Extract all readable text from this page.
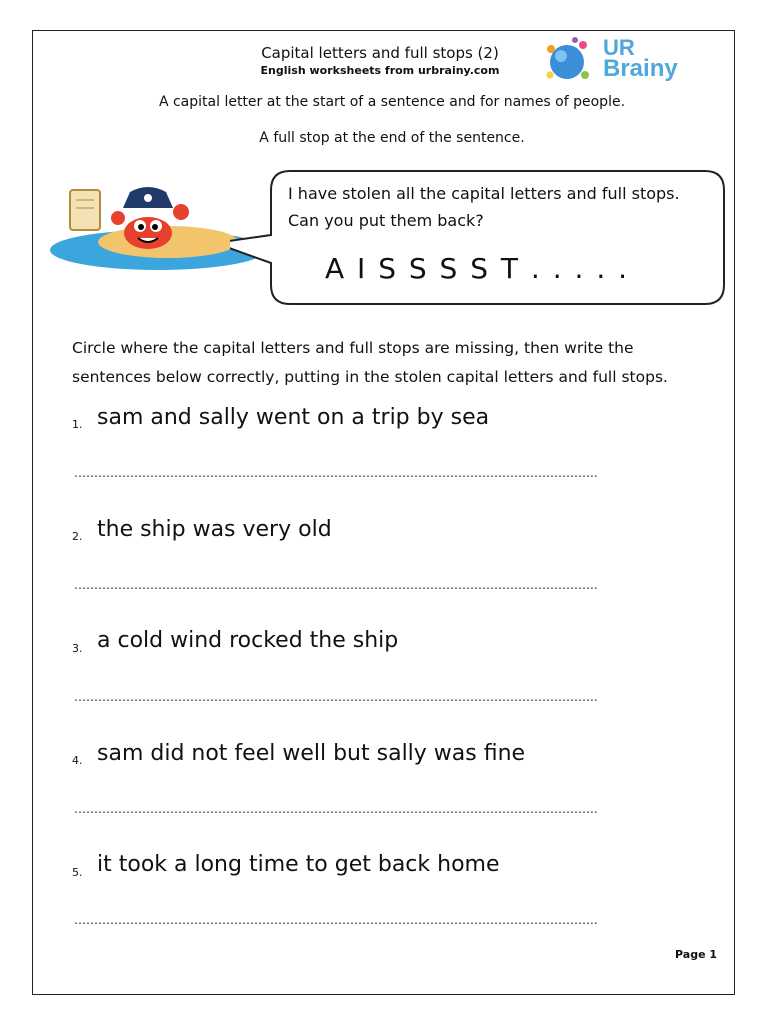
Capital letters and full stops (2)
English worksheets from urbrainy.com
UR
Brainy
A capital letter at the start of a sentence and for names of people.
A full stop at the end of the sentence.
I have stolen all the capital letters and full stops.
Can you put them back?
A I S S S S T . . . . .
Circle where the capital letters and full stops are missing, then write the
sentences below correctly, putting in the stolen capital letters and full stops.
1. sam and sally went on a trip by sea
…………………………………………………………………………………………………………………..
2. the ship was very old
…………………………………………………………………………………………………………………..
3. a cold wind rocked the ship
…………………………………………………………………………………………………………………..
4. sam did not feel well but sally was fine
…………………………………………………………………………………………………………………..
5. it took a long time to get back home
…………………………………………………………………………………………………………………..
Page 1
